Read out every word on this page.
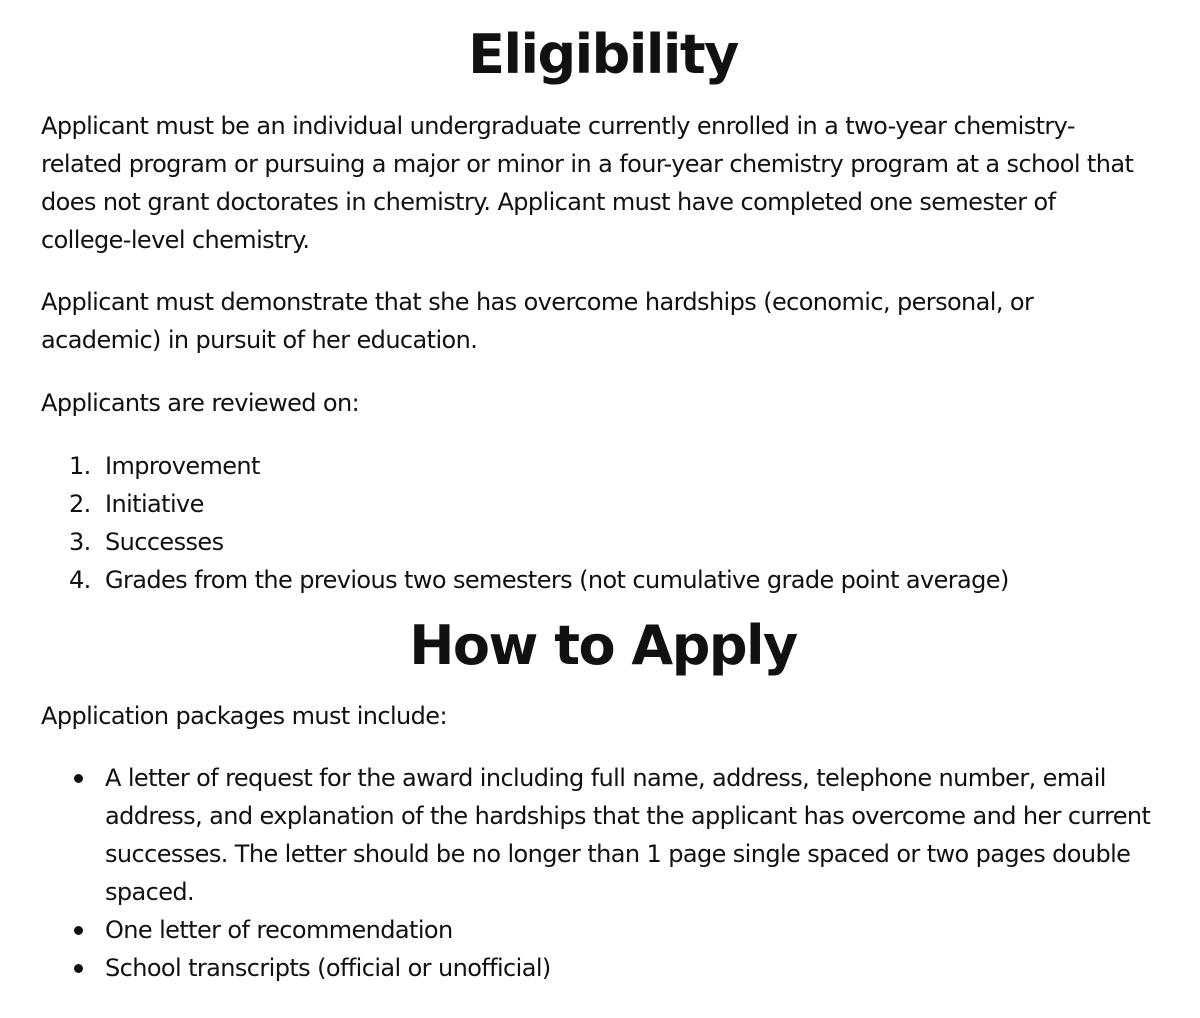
Eligibility

Applicant must be an individual undergraduate currently enrolled in a two-year chemistry-related program or pursuing a major or minor in a four-year chemistry program at a school that does not grant doctorates in chemistry. Applicant must have completed one semester of college-level chemistry.

Applicant must demonstrate that she has overcome hardships (economic, personal, or academic) in pursuit of her education.

Applicants are reviewed on:

1. Improvement
2. Initiative
3. Successes
4. Grades from the previous two semesters (not cumulative grade point average)
How to Apply

Application packages must include:

A letter of request for the award including full name, address, telephone number, email address, and explanation of the hardships that the applicant has overcome and her current successes. The letter should be no longer than 1 page single spaced or two pages double spaced.
One letter of recommendation
School transcripts (official or unofficial)
